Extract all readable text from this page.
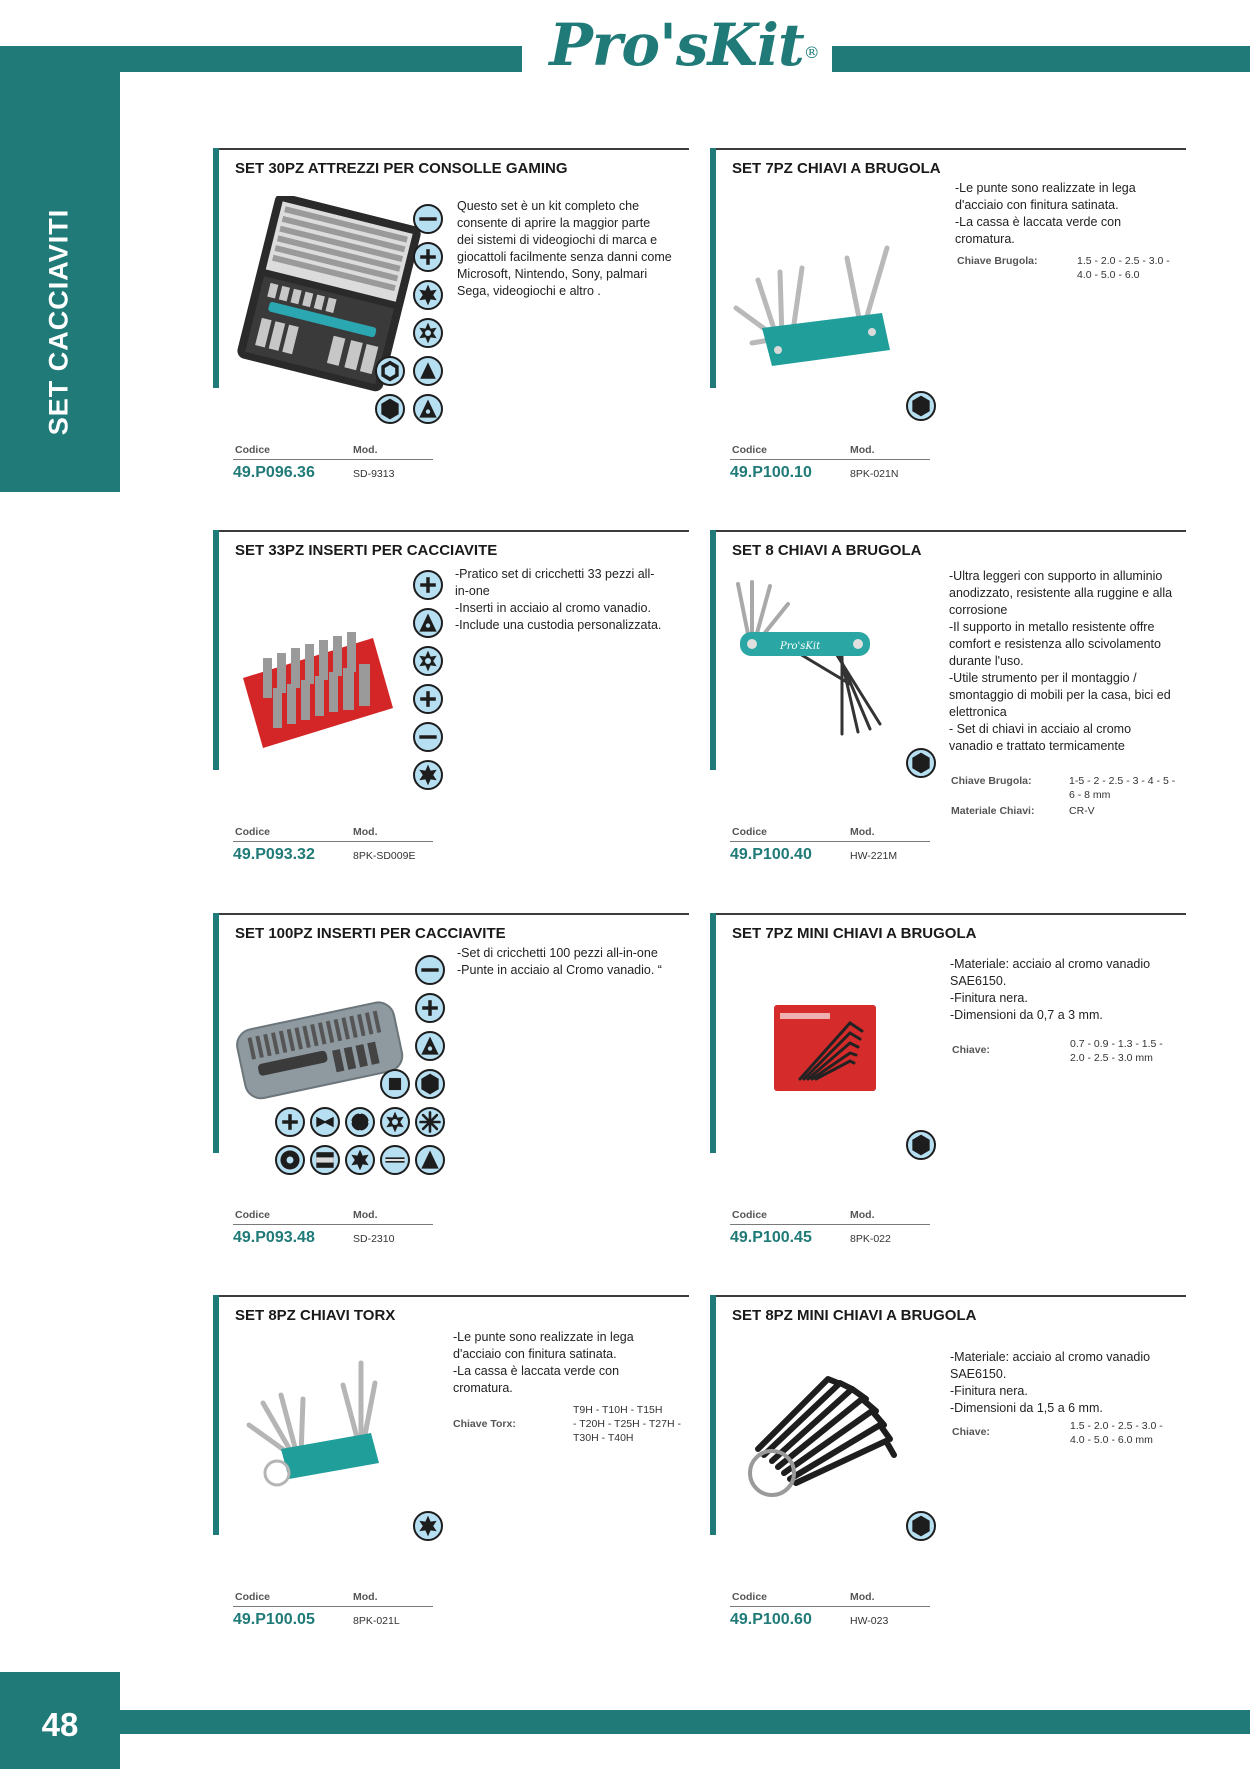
Pro'sKit®
SET CACCIAVITI
48
SET 30PZ ATTREZZI PER CONSOLLE GAMING
Questo set è un kit completo che
consente di aprire la maggior parte
dei sistemi di videogiochi di marca e
giocattoli facilmente senza danni come
Microsoft, Nintendo, Sony, palmari
Sega, videogiochi e altro .
Codice	Mod.
49.P096.36	SD-9313
SET 7PZ CHIAVI A BRUGOLA
-Le punte sono realizzate in lega
d'acciaio con finitura satinata.
-La cassa è laccata verde con
cromatura.
Chiave Brugola:	1.5 - 2.0 - 2.5 - 3.0 -
4.0 - 5.0 - 6.0
Codice	Mod.
49.P100.10	8PK-021N
SET 33PZ INSERTI PER CACCIAVITE
-Pratico set di cricchetti 33 pezzi all-
in-one
-Inserti in acciaio al cromo vanadio.
-Include una custodia personalizzata.
Codice	Mod.
49.P093.32	8PK-SD009E
SET 8 CHIAVI A BRUGOLA
-Ultra leggeri con supporto in alluminio
anodizzato, resistente alla ruggine e alla
corrosione
-Il supporto in metallo resistente offre
comfort e resistenza allo scivolamento
durante l'uso.
-Utile strumento per il montaggio /
smontaggio di mobili per la casa, bici ed
elettronica
- Set di chiavi in acciaio al cromo
vanadio e trattato termicamente
Chiave Brugola:	1-5 - 2 - 2.5 - 3 - 4 - 5 -
6 - 8 mm
Materiale Chiavi:	CR-V
Pro'sKit
Codice	Mod.
49.P100.40	HW-221M
SET 100PZ INSERTI PER CACCIAVITE
-Set di cricchetti 100 pezzi all-in-one
-Punte in acciaio al Cromo vanadio. “
Codice	Mod.
49.P093.48	SD-2310
SET 7PZ MINI CHIAVI A BRUGOLA
-Materiale: acciaio al cromo vanadio
SAE6150.
-Finitura nera.
-Dimensioni da 0,7 a 3 mm.
Chiave:	0.7 - 0.9 - 1.3 - 1.5 -
2.0 - 2.5 - 3.0 mm
Codice	Mod.
49.P100.45	8PK-022
SET 8PZ CHIAVI TORX
-Le punte sono realizzate in lega
d'acciaio con finitura satinata.
-La cassa è laccata verde con
cromatura.
Chiave Torx:
T9H - T10H - T15H
- T20H - T25H - T27H -
T30H - T40H
Codice	Mod.
49.P100.05	8PK-021L
SET 8PZ MINI CHIAVI A BRUGOLA
-Materiale: acciaio al cromo vanadio
SAE6150.
-Finitura nera.
-Dimensioni da 1,5 a 6 mm.
Chiave:	1.5 - 2.0 - 2.5 - 3.0 -
4.0 - 5.0 - 6.0 mm
Codice	Mod.
49.P100.60	HW-023
